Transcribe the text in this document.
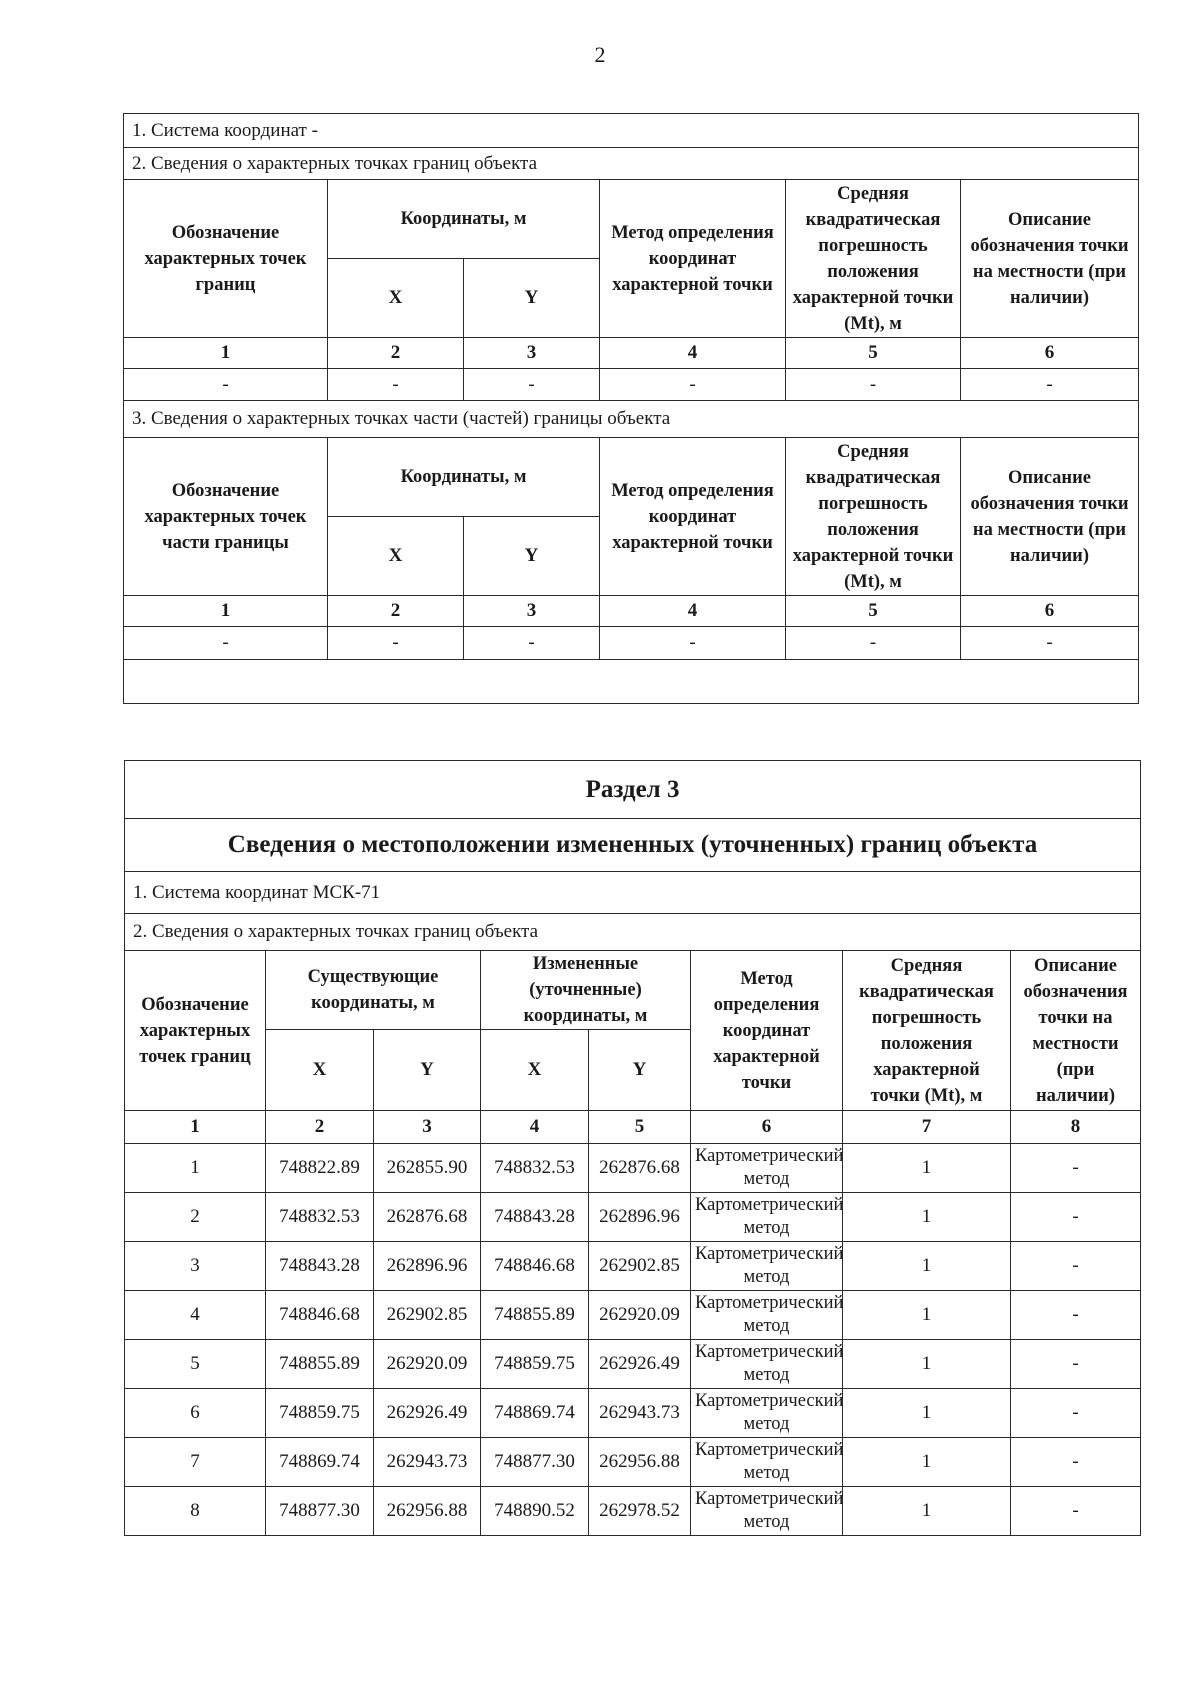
2
1. Система координат -					
2. Сведения о характерных точках границ объекта					
Обозначение характерных точек границ	Координаты, м		Метод определения координат характерной точки	Средняя квадратическая погрешность положения характерной точки (Mt), м	Описание обозначения точки на местности (при наличии)
	X	Y			
1	2	3	4	5	6
-	-	-	-	-	-
3. Сведения о характерных точках части (частей) границы объекта					
Обозначение характерных точек части границы	Координаты, м		Метод определения координат характерной точки	Средняя квадратическая погрешность положения характерной точки (Mt), м	Описание обозначения точки на местности (при наличии)
	X	Y			
1	2	3	4	5	6
-	-	-	-	-	-

Раздел 3							
Сведения о местоположении измененных (уточненных) границ объекта							
1. Система координат МСК-71							
2. Сведения о характерных точках границ объекта							
Обозначение характерных точек границ	Существующие координаты, м		Измененные (уточненные) координаты, м		Метод определения координат характерной точки	Средняя квадратическая погрешность положения характерной точки (Mt), м	Описание обозначения точки на местности (при наличии)
	X	Y	X	Y			
1	2	3	4	5	6	7	8
1	748822.89	262855.90	748832.53	262876.68	Картометрический метод	1	-
2	748832.53	262876.68	748843.28	262896.96	Картометрический метод	1	-
3	748843.28	262896.96	748846.68	262902.85	Картометрический метод	1	-
4	748846.68	262902.85	748855.89	262920.09	Картометрический метод	1	-
5	748855.89	262920.09	748859.75	262926.49	Картометрический метод	1	-
6	748859.75	262926.49	748869.74	262943.73	Картометрический метод	1	-
7	748869.74	262943.73	748877.30	262956.88	Картометрический метод	1	-
8	748877.30	262956.88	748890.52	262978.52	Картометрический метод	1	-
